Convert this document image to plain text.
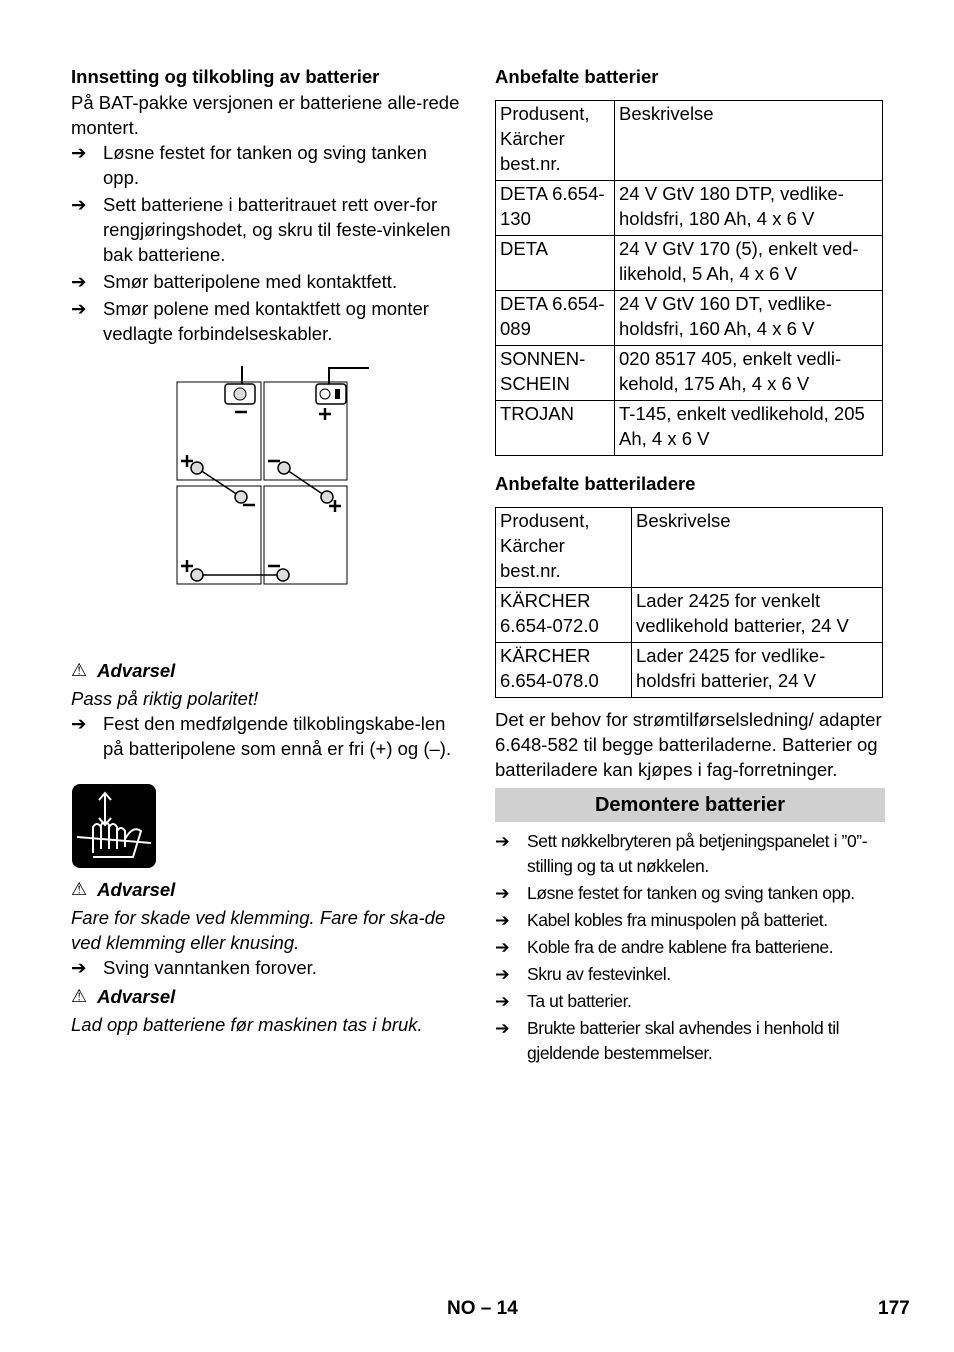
Innsetting og tilkobling av batterier

På BAT-pakke versjonen er batteriene alle-rede montert.

➔ Løsne festet for tanken og sving tanken opp.
➔ Sett batteriene i batteritrauet rett over-for rengjøringshodet, og skru til feste-vinkelen bak batteriene.
➔ Smør batteripolene med kontaktfett.
➔ Smør polene med kontaktfett og monter vedlagte forbindelseskabler.
⚠ Advarsel

Pass på riktig polaritet!

➔ Fest den medfølgende tilkoblingskabe-len på batteripolene som ennå er fri (+) og (–).
⚠ Advarsel

Fare for skade ved klemming. Fare for ska-de ved klemming eller knusing.

➔ Sving vanntanken forover.
⚠ Advarsel

Lad opp batteriene før maskinen tas i bruk.

Anbefalte batterier
Produsent, Kärcher best.nr.	Beskrivelse
DETA 6.654-130	24 V GtV 180 DTP, vedlike-holdsfri, 180 Ah, 4 x 6 V
DETA	24 V GtV 170 (5), enkelt ved-likehold, 5 Ah, 4 x 6 V
DETA 6.654-089	24 V GtV 160 DT, vedlike-holdsfri, 160 Ah, 4 x 6 V
SONNEN-SCHEIN	020 8517 405, enkelt vedli-kehold, 175 Ah, 4 x 6 V
TROJAN	T-145, enkelt vedlikehold, 205 Ah, 4 x 6 V
Anbefalte batteriladere
Produsent, Kärcher best.nr.	Beskrivelse
KÄRCHER 6.654-072.0	Lader 2425 for venkelt vedlikehold batterier, 24 V
KÄRCHER 6.654-078.0	Lader 2425 for vedlike-holdsfri batterier, 24 V

Det er behov for strømtilførselsledning/ adapter 6.648-582 til begge batteriladerne. Batterier og batteriladere kan kjøpes i fag-forretninger.

Demontere batterier
➔ Sett nøkkelbryteren på betjeningspanelet i ”0”-stilling og ta ut nøkkelen.
➔ Løsne festet for tanken og sving tanken opp.
➔ Kabel kobles fra minuspolen på batteriet.
➔ Koble fra de andre kablene fra batteriene.
➔ Skru av festevinkel.
➔ Ta ut batterier.
➔ Brukte batterier skal avhendes i henhold til gjeldende bestemmelser.
NO – 14	177
